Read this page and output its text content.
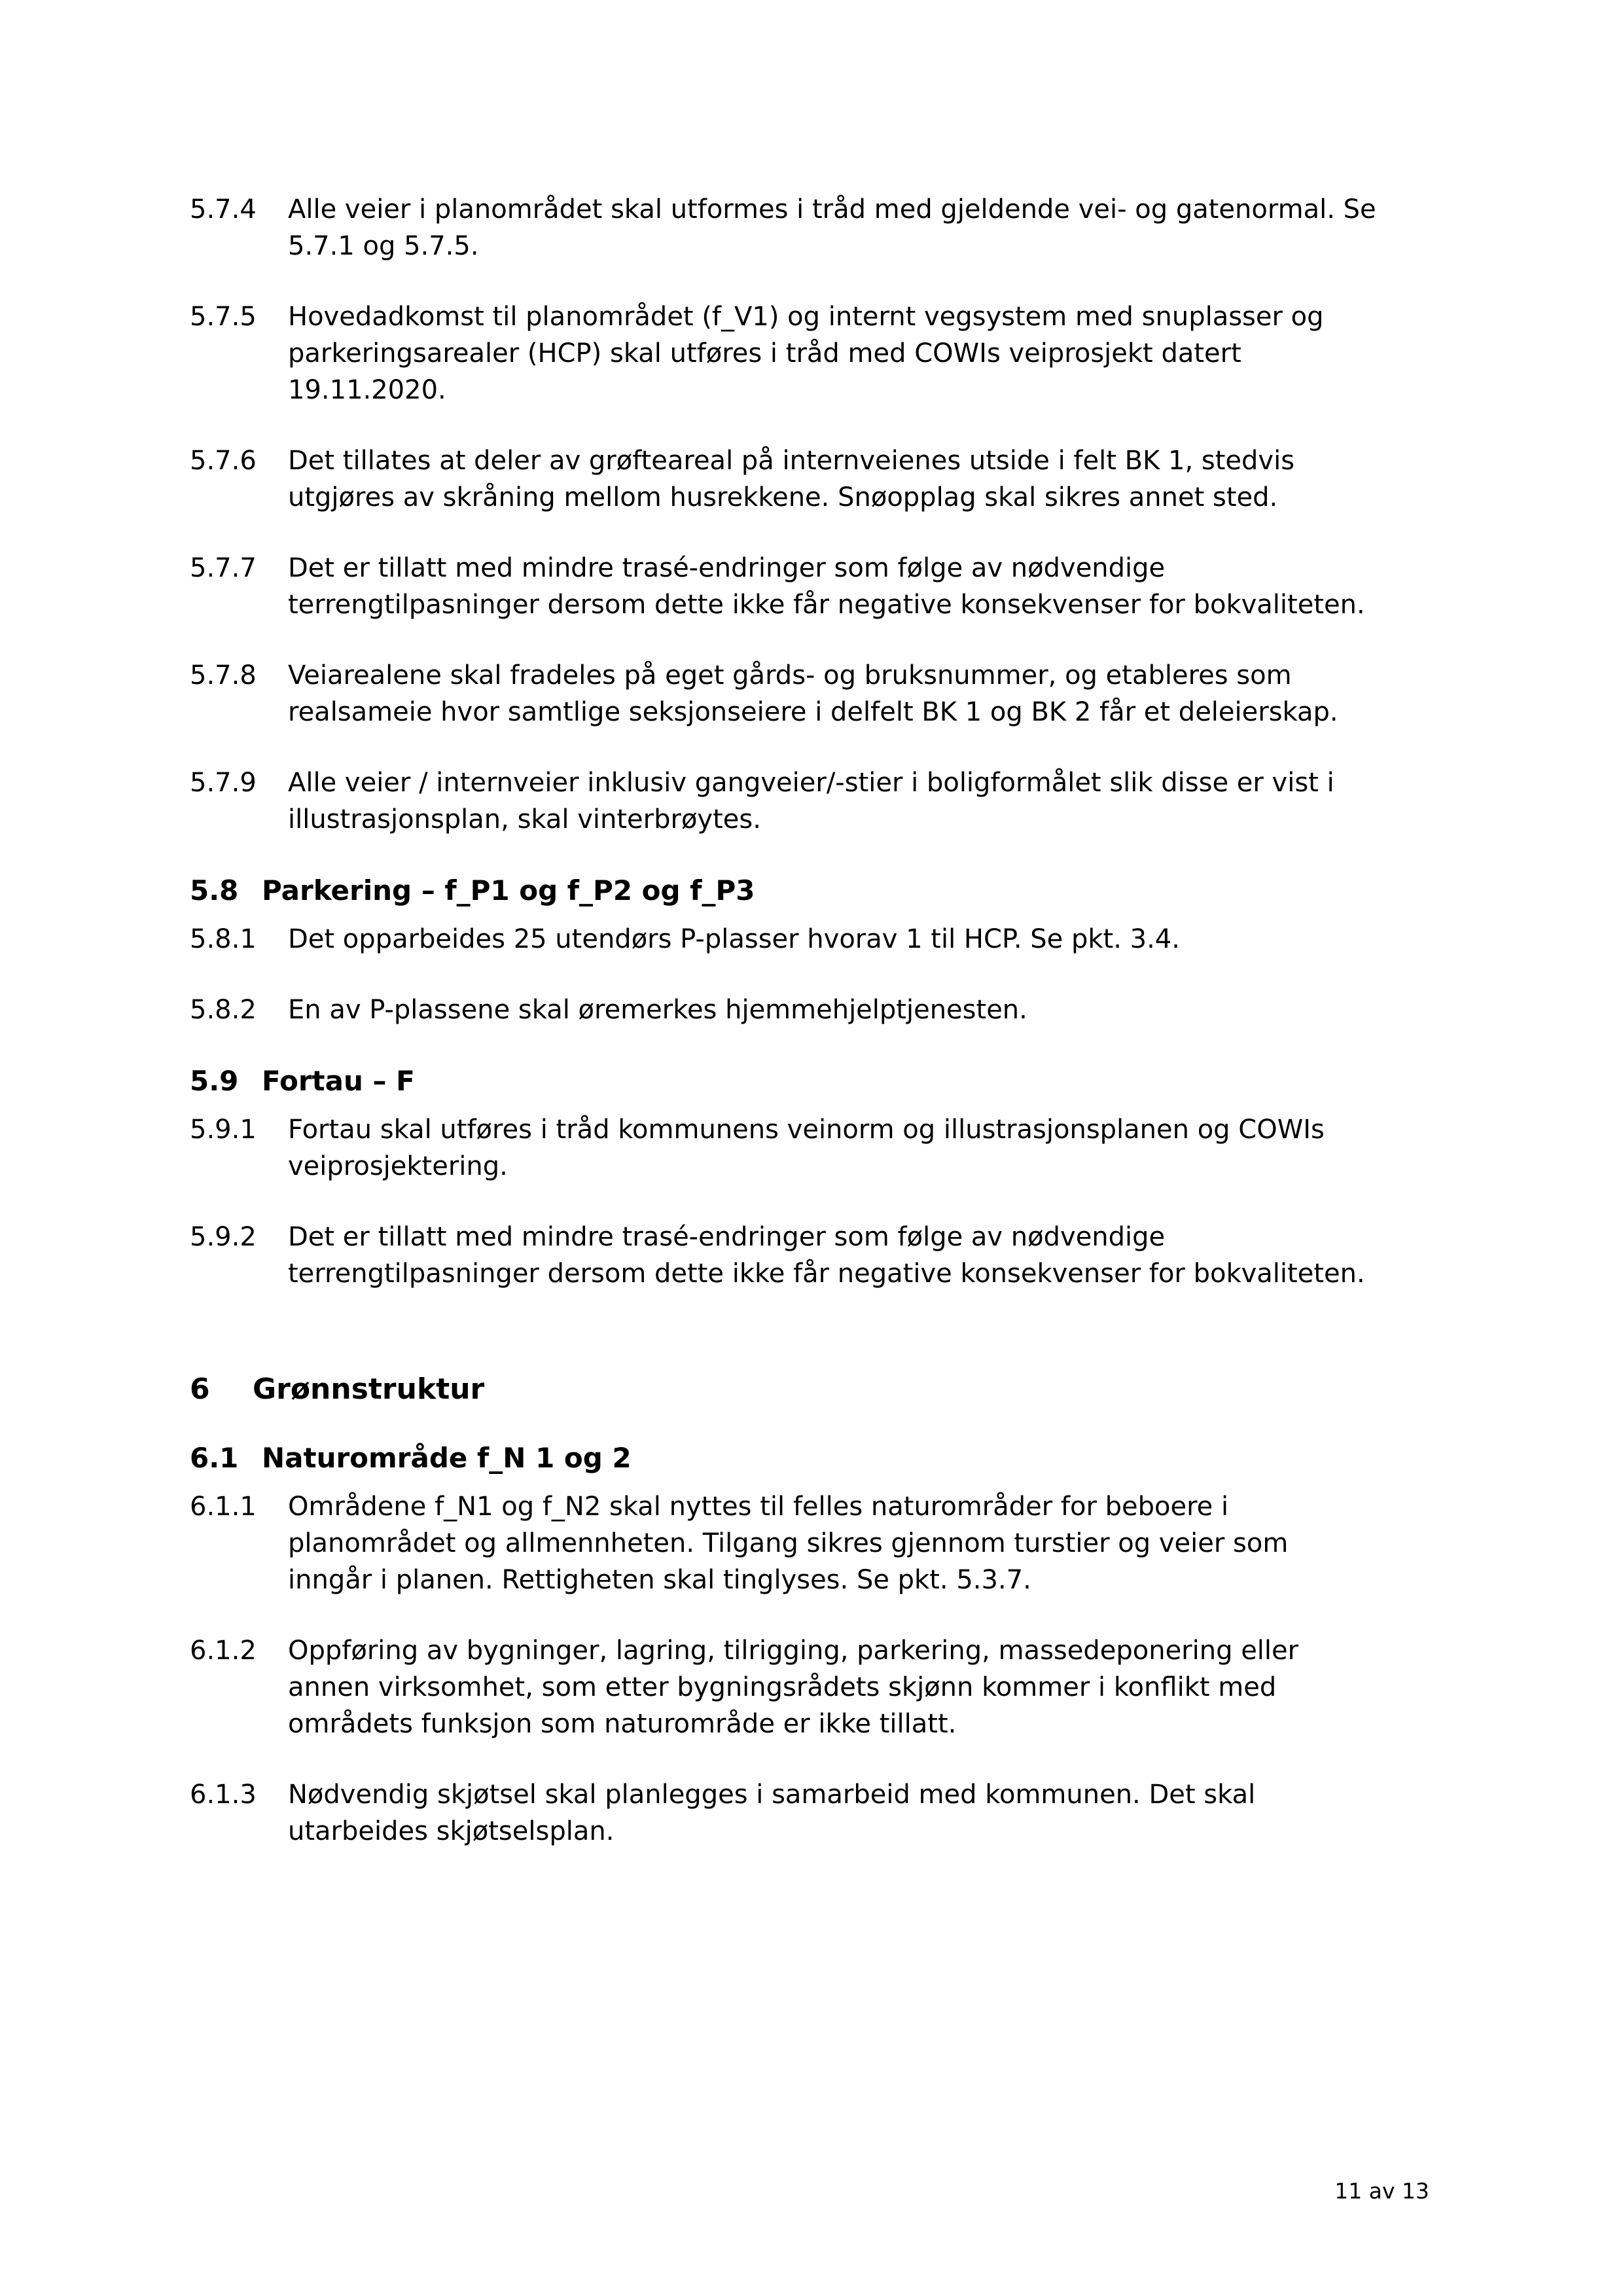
5.7.4	Alle veier i planområdet skal utformes i tråd med gjeldende vei- og gatenormal. Se 5.7.1 og 5.7.5.
5.7.5	Hovedadkomst til planområdet (f_V1) og internt vegsystem med snuplasser og parkeringsarealer (HCP) skal utføres i tråd med COWIs veiprosjekt datert 19.11.2020.
5.7.6	Det tillates at deler av grøfteareal på internveienes utside i felt BK 1, stedvis utgjøres av skråning mellom husrekkene. Snøopplag skal sikres annet sted.
5.7.7	Det er tillatt med mindre trasé-endringer som følge av nødvendige terrengtilpasninger dersom dette ikke får negative konsekvenser for bokvaliteten.
5.7.8	Veiarealene skal fradeles på eget gårds- og bruksnummer, og etableres som realsameie hvor samtlige seksjonseiere i delfelt BK 1 og BK 2 får et deleierskap.
5.7.9	Alle veier / internveier inklusiv gangveier/-stier i boligformålet slik disse er vist i illustrasjonsplan, skal vinterbrøytes.
5.8 Parkering – f_P1 og f_P2 og f_P3
5.8.1	Det opparbeides 25 utendørs P-plasser hvorav 1 til HCP. Se pkt. 3.4.
5.8.2	En av P-plassene skal øremerkes hjemmehjelptjenesten.
5.9 Fortau – F
5.9.1	Fortau skal utføres i tråd kommunens veinorm og illustrasjonsplanen og COWIs veiprosjektering.
5.9.2	Det er tillatt med mindre trasé-endringer som følge av nødvendige terrengtilpasninger dersom dette ikke får negative konsekvenser for bokvaliteten.
6	Grønnstruktur
6.1 Naturområde f_N 1 og 2
6.1.1	Områdene f_N1 og f_N2 skal nyttes til felles naturområder for beboere i planområdet og allmennheten. Tilgang sikres gjennom turstier og veier som inngår i planen. Rettigheten skal tinglyses. Se pkt. 5.3.7.
6.1.2	Oppføring av bygninger, lagring, tilrigging, parkering, massedeponering eller annen virksomhet, som etter bygningsrådets skjønn kommer i konflikt med områdets funksjon som naturområde er ikke tillatt.
6.1.3	Nødvendig skjøtsel skal planlegges i samarbeid med kommunen. Det skal utarbeides skjøtselsplan.
11 av 13
